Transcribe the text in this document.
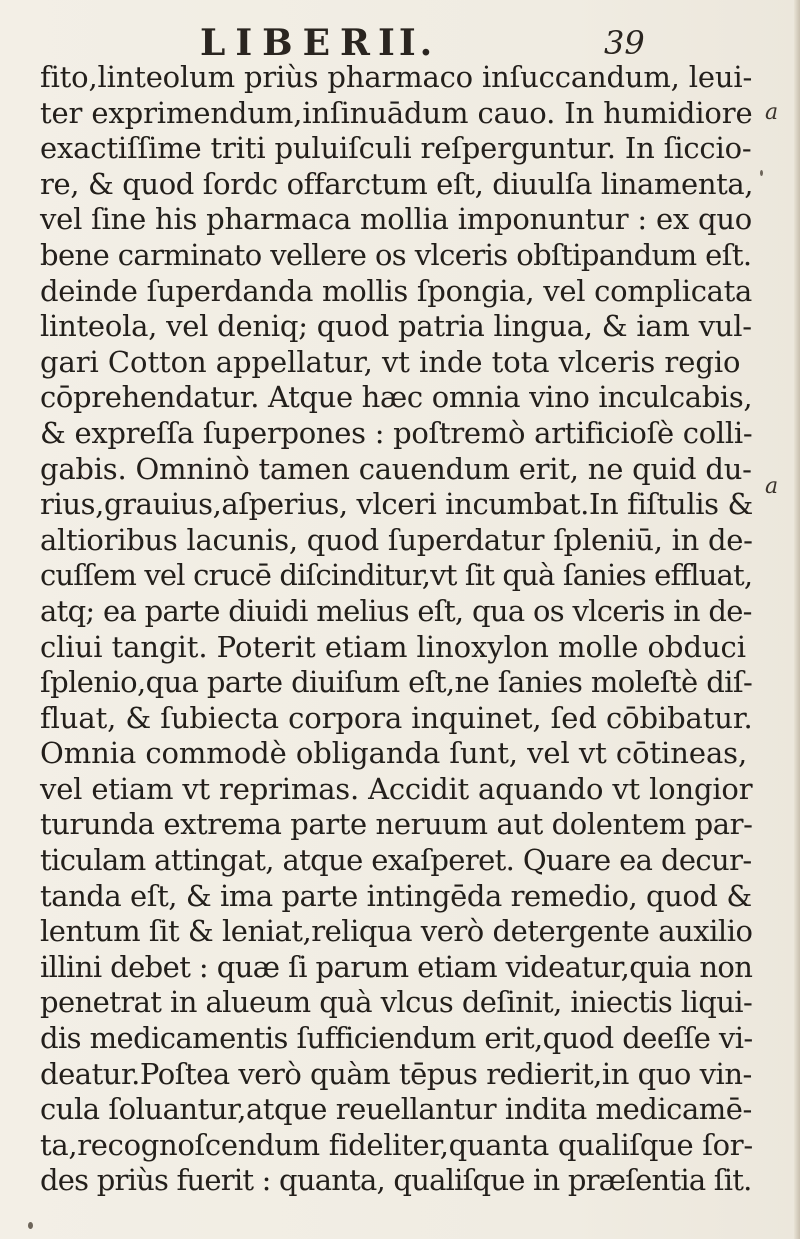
LIBER
II.	39
fito,linteolum priùs pharmaco inſuccandum, leui-
ter exprimendum,inſinuādum cauo. In humidiore
exactiſſime triti puluiſculi reſperguntur. In ſiccio-
re, & quod ſordc offarctum eſt, diuulſa linamenta,
vel ſine his pharmaca mollia imponuntur : ex quo
bene carminato vellere os vlceris obſtipandum eſt.
deinde ſuperdanda mollis ſpongia, vel complicata
linteola, vel deniq; quod patria lingua, & iam vul-
gari Cotton appellatur, vt inde tota vlceris regio
cōprehendatur. Atque hæc omnia vino inculcabis,
& expreſſa ſuperpones : poſtremò artificioſè colli-
gabis. Omninò tamen cauendum erit, ne quid du-
rius,grauius,aſperius, vlceri incumbat.In fiſtulis &
altioribus lacunis, quod ſuperdatur ſpleniū, in de-
cuſſem vel crucē diſcinditur,vt ſit quà ſanies effluat,
atq; ea parte diuidi melius eſt, qua os vlceris in de-
cliui tangit. Poterit etiam linoxylon molle obduci
ſplenio,qua parte diuiſum eſt,ne ſanies moleſtè diſ-
fluat, & ſubiecta corpora inquinet, ſed cōbibatur.
Omnia commodè obliganda ſunt, vel vt cōtineas,
vel etiam vt reprimas. Accidit aquando vt longior
turunda extrema parte neruum aut dolentem par-
ticulam attingat, atque exaſperet. Quare ea decur-
tanda eſt, & ima parte intingēda remedio, quod &
lentum ſit & leniat,reliqua verò detergente auxilio
illini debet : quæ ſi parum etiam videatur,quia non
penetrat in alueum quà vlcus deſinit, iniectis liqui-
dis medicamentis ſufficiendum erit,quod deeſſe vi-
deatur.Poſtea verò quàm tēpus redierit,in quo vin-
cula ſoluantur,atque reuellantur indita medicamē-
ta,recognoſcendum fideliter,quanta qualiſque ſor-
des priùs fuerit : quanta, qualiſque in præſentia ſit.
a
a
